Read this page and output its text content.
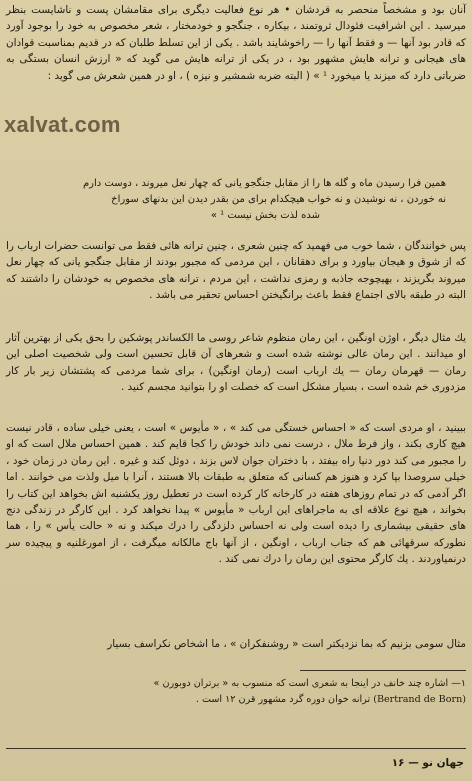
آنان بود و مشخصاً منحصر به قردشان • هر نوع فعالیت دیگری برای مقامشان پست و ناشایست بنظر میرسید . این اشرافیت فئودال ثروتمند ، بیکاره ، جنگجو و خودمختار ، شعر مخصوص به خود را بوجود آورد که قادر بود آنها — و فقط آنها را — راخوشایند باشد . یکی از این تسلط طلبان که در قدیم بمناسبت قوادان های هیجانی و ترانه هایش مشهور بود ، در یکی از ترانه هایش می گوید که « ارزش انسان بستگی به ضرباتی دارد که میزند یا میخورد ¹ » ( البته ضربه شمشیر و نیزه ) ، او در همین شعرش می گوید :

xalvat.com

همین فرا رسیدن ماه و گله ها را از مقابل جنگجو یانی که چهار نعل میروند ، دوست دارم

نه خوردن ، نه نوشیدن و نه خواب هیچکدام برای من بقدر دیدن این بدنهای سوراخ

شده لذت بخش نیست ¹ »

پس خوانندگان ، شما خوب می فهمید که چنین شعری ، چنین ترانه هائی فقط می توانست حضرات ارباب را که از شوق و هیجان بیاورد و برای دهقانان ، این مردمی که مجبور بودند از مقابل جنگجو یانی که چهار نعل میروند بگریزند ، بهیچوجه جاذبه و رمزی نداشت ، این مردم ، ترانه های مخصوص به خودشان را داشتند که البته در طبقه بالای اجتماع فقط باعث برانگیختن احساس تحقیر می باشد .

یك مثال دیگر ، اوژن اونگین ، این رمان منظوم شاعر روسی ما الکساندر پوشکین را بحق یکی از بهترین آثار او میدانند . این رمان عالی نوشته شده است و شعرهای آن قابل تحسین است ولی شخصیت اصلی این رمان — قهرمان رمان — یك ارباب است (رمان اونگین) ، برای شما مردمی که پشتشان زیر بار کار مزدوری خم شده است ، بسیار مشکل است که خصلت او را بتوانید مجسم کنید .

ببینید ، او مردی است که « احساس خستگی می کند » ، « مأیوس » است ، یعنی خیلی ساده ، قادر نیست هیچ کاری بکند ، واز فرط ملال ، درست نمی داند خودش را کجا قایم کند . همین احساس ملال است که او را مجبور می کند دور دنیا راه بیفتد ، با دختران جوان لاس بزند ، دوئل کند و غیره . این رمان در زمان خود ، خیلی سروصدا بپا کرد و هنوز هم کسانی که متعلق به طبقات بالا هستند ، آنرا با میل ولذت می خوانند . اما اگر آدمی که در تمام روزهای هفته در کارخانه کار کرده است در تعطیل روز یکشنبه اش بخواهد این کتاب را بخواند ، هیچ نوع علاقه ای به ماجراهای این ارباب « مأیوس » پیدا نخواهد کرد . این کارگر در زندگی دنج های حقیقی بیشماری را دیده است ولی نه احساس دلزدگی را درك میکند و نه « حالت یأس » را ، هما نطورکه سرقهائی هم که جناب ارباب ، اونگین ، از آنها باج مالکانه میگرفت ، از امورغلنیه و پیچیده سر درنمیاوردند . یك کارگر محتوی این رمان را درك نمی کند .

مثال سومی بزنیم که بما نزدیکتر است « روشنفکران » ، ما اشخاص نکراسف بسیار

۱— اشاره چند خانف در اینجا به شعری است که منسوب به « برتران دوبورن »
(Bertrand de Born) ترانه خوان دوره گرد مشهور قرن ۱۲ است .
جهان نو — ۱۶
